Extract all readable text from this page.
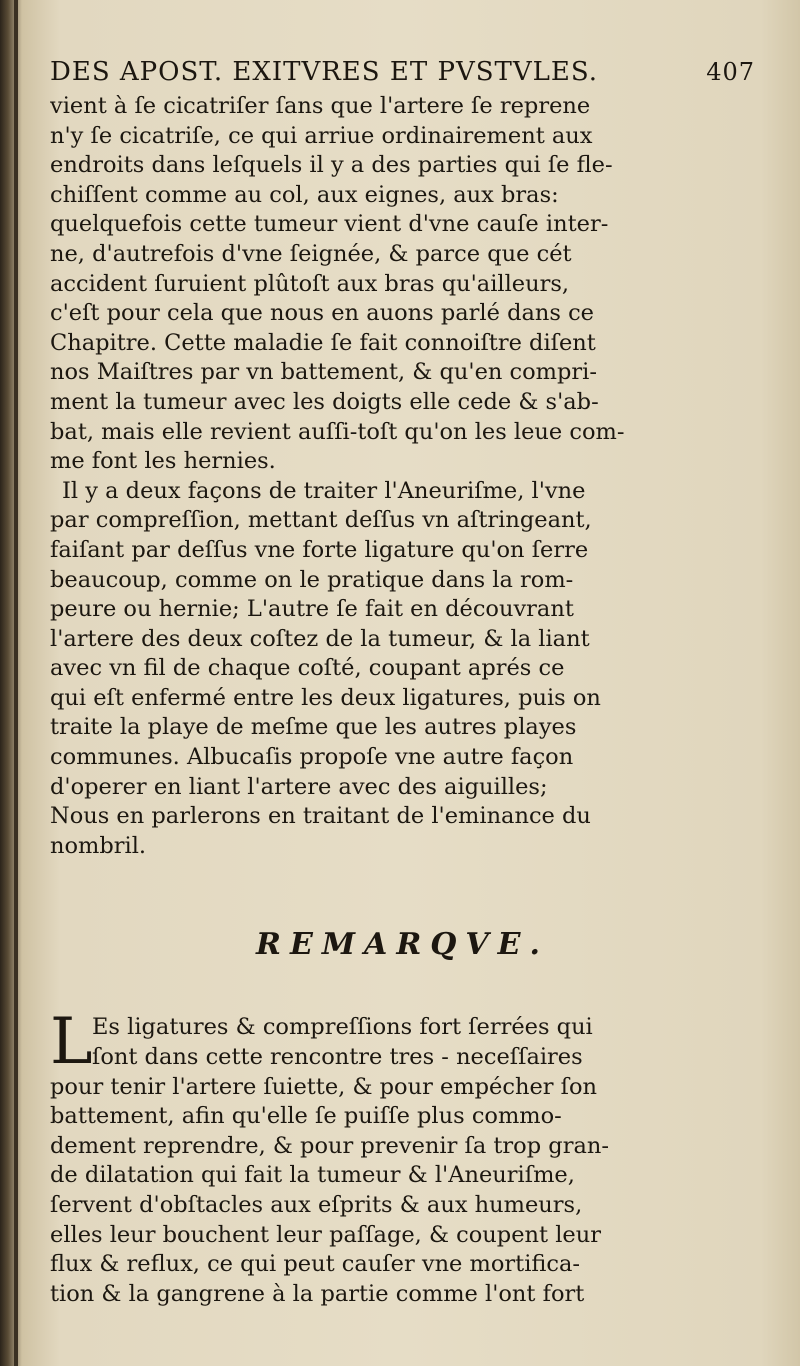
DES APOST. EXITVRES ET PVSTVLES.	407
vient à ſe cicatriſer ſans que l'artere ſe reprene
n'y ſe cicatriſe, ce qui arriue ordinairement aux
endroits dans leſquels il y a des parties qui ſe fle-
chiſſent comme au col, aux eignes, aux bras:
quelquefois cette tumeur vient d'vne cauſe inter-
ne, d'autrefois d'vne ſeignée, & parce que cét
accident ſuruient plûtoſt aux bras qu'ailleurs,
c'eſt pour cela que nous en auons parlé dans ce
Chapitre. Cette maladie ſe fait connoiſtre diſent
nos Maiſtres par vn battement, & qu'en compri-
ment la tumeur avec les doigts elle cede & s'ab-
bat, mais elle revient auſſi-toſt qu'on les leue com-
me font les hernies.
Il y a deux façons de traiter l'Aneuriſme, l'vne
par compreſſion, mettant deſſus vn aſtringeant,
faiſant par deſſus vne forte ligature qu'on ſerre
beaucoup, comme on le pratique dans la rom-
peure ou hernie; L'autre ſe fait en découvrant
l'artere des deux coſtez de la tumeur, & la liant
avec vn fil de chaque coſté, coupant aprés ce
qui eſt enfermé entre les deux ligatures, puis on
traite la playe de meſme que les autres playes
communes. Albucaſis propoſe vne autre façon
d'operer en liant l'artere avec des aiguilles;
Nous en parlerons en traitant de l'eminance du
nombril.
REMARQVE.
L Es ligatures & compreſſions fort ſerrées qui
ſont dans cette rencontre tres - neceſſaires
pour tenir l'artere ſuiette, & pour empécher ſon
battement, afin qu'elle ſe puiſſe plus commo-
dement reprendre, & pour prevenir ſa trop gran-
de dilatation qui fait la tumeur & l'Aneuriſme,
ſervent d'obſtacles aux eſprits & aux humeurs,
elles leur bouchent leur paſſage, & coupent leur
flux & reflux, ce qui peut cauſer vne mortifica-
tion & la gangrene à la partie comme l'ont fort
